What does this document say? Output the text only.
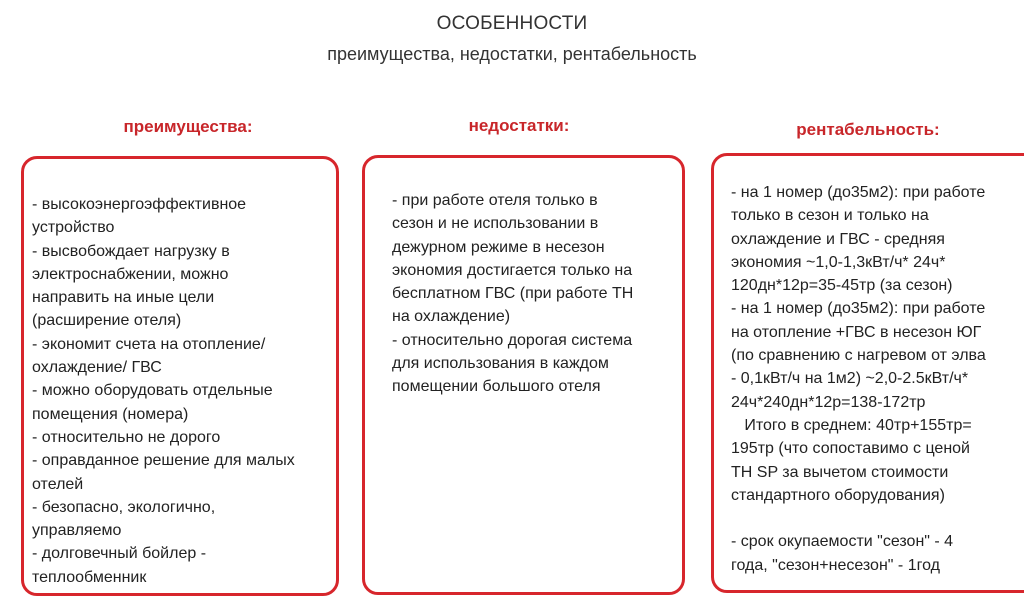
ОСОБЕННОСТИ
преимущества, недостатки, рентабельность
преимущества:	недостатки:	рентабельность:
- высокоэнергоэффективное
устройство
- высвобождает нагрузку в
электроснабжении, можно
направить на иные цели
(расширение отеля)
- экономит счета на отопление/
охлаждение/ ГВС
- можно оборудовать отдельные
помещения (номера)
- относительно не дорого
- оправданное решение для малых
отелей
- безопасно, экологично,
управляемо
- долговечный бойлер -
теплообменник
- при работе отеля только в
сезон и не использовании в
дежурном режиме в несезон
экономия достигается только на
бесплатном ГВС (при работе ТН
на охлаждение)
- относительно дорогая система
для использования в каждом
помещении большого отеля
- на 1 номер (до35м2): при работе
только в сезон и только на
охлаждение и ГВС - средняя
экономия ~1,0-1,3кВт/ч* 24ч*
120дн*12р=35-45тр (за сезон)
- на 1 номер (до35м2): при работе
на отопление +ГВС в несезон ЮГ
(по сравнению с нагревом от элва
- 0,1кВт/ч на 1м2) ~2,0-2.5кВт/ч*
24ч*240дн*12р=138-172тр
Итого в среднем: 40тр+155тр=
195тр (что сопоставимо с ценой
ТН SP за вычетом стоимости
стандартного оборудования)
- срок окупаемости "сезон" - 4
года, "сезон+несезон" - 1год
